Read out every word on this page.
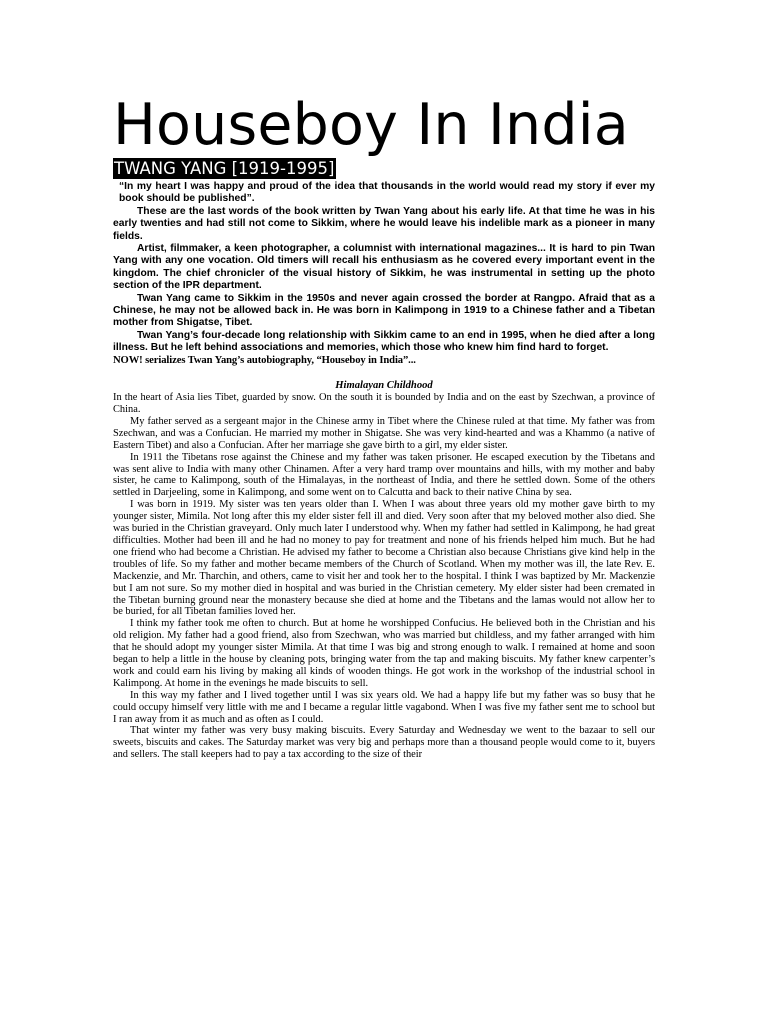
Houseboy In India
TWANG YANG [1919-1995]

“In my heart I was happy and proud of the idea that thousands in the world would read my story if ever my book should be published”.

These are the last words of the book written by Twan Yang about his early life. At that time he was in his early twenties and had still not come to Sikkim, where he would leave his indelible mark as a pioneer in many fields.

Artist, filmmaker, a keen photographer, a columnist with international magazines... It is hard to pin Twan Yang with any one vocation. Old timers will recall his enthusiasm as he covered every important event in the kingdom. The chief chronicler of the visual history of Sikkim, he was instrumental in setting up the photo section of the IPR department.

Twan Yang came to Sikkim in the 1950s and never again crossed the border at Rangpo. Afraid that as a Chinese, he may not be allowed back in. He was born in Kalimpong in 1919 to a Chinese father and a Tibetan mother from Shigatse, Tibet.

Twan Yang’s four-decade long relationship with Sikkim came to an end in 1995, when he died after a long illness. But he left behind associations and memories, which those who knew him find hard to forget.

NOW! serializes Twan Yang’s autobiography, “Houseboy in India”...

Himalayan Childhood

In the heart of Asia lies Tibet, guarded by snow. On the south it is bounded by India and on the east by Szechwan, a province of China.

My father served as a sergeant major in the Chinese army in Tibet where the Chinese ruled at that time. My father was from Szechwan, and was a Confucian. He married my mother in Shigatse. She was very kind-hearted and was a Khammo (a native of Eastern Tibet) and also a Confucian. After her marriage she gave birth to a girl, my elder sister.

In 1911 the Tibetans rose against the Chinese and my father was taken prisoner. He escaped execution by the Tibetans and was sent alive to India with many other Chinamen. After a very hard tramp over mountains and hills, with my mother and baby sister, he came to Kalimpong, south of the Himalayas, in the northeast of India, and there he settled down. Some of the others settled in Darjeeling, some in Kalimpong, and some went on to Calcutta and back to their native China by sea.

I was born in 1919. My sister was ten years older than I. When I was about three years old my mother gave birth to my younger sister, Mimila. Not long after this my elder sister fell ill and died. Very soon after that my beloved mother also died. She was buried in the Christian graveyard. Only much later I understood why. When my father had settled in Kalimpong, he had great difficulties. Mother had been ill and he had no money to pay for treatment and none of his friends helped him much. But he had one friend who had become a Christian. He advised my father to become a Christian also because Christians give kind help in the troubles of life. So my father and mother became members of the Church of Scotland. When my mother was ill, the late Rev. E. Mackenzie, and Mr. Tharchin, and others, came to visit her and took her to the hospital. I think I was baptized by Mr. Mackenzie but I am not sure. So my mother died in hospital and was buried in the Christian cemetery. My elder sister had been cremated in the Tibetan burning ground near the monastery because she died at home and the Tibetans and the lamas would not allow her to be buried, for all Tibetan families loved her.

I think my father took me often to church. But at home he worshipped Confucius. He believed both in the Christian and his old religion. My father had a good friend, also from Szechwan, who was married but childless, and my father arranged with him that he should adopt my younger sister Mimila. At that time I was big and strong enough to walk. I remained at home and soon began to help a little in the house by cleaning pots, bringing water from the tap and making biscuits. My father knew carpenter’s work and could earn his living by making all kinds of wooden things. He got work in the workshop of the industrial school in Kalimpong. At home in the evenings he made biscuits to sell.

In this way my father and I lived together until I was six years old. We had a happy life but my father was so busy that he could occupy himself very little with me and I became a regular little vagabond. When I was five my father sent me to school but I ran away from it as much and as often as I could.

That winter my father was very busy making biscuits. Every Saturday and Wednesday we went to the bazaar to sell our sweets, biscuits and cakes. The Saturday market was very big and perhaps more than a thousand people would come to it, buyers and sellers. The stall keepers had to pay a tax according to the size of their
